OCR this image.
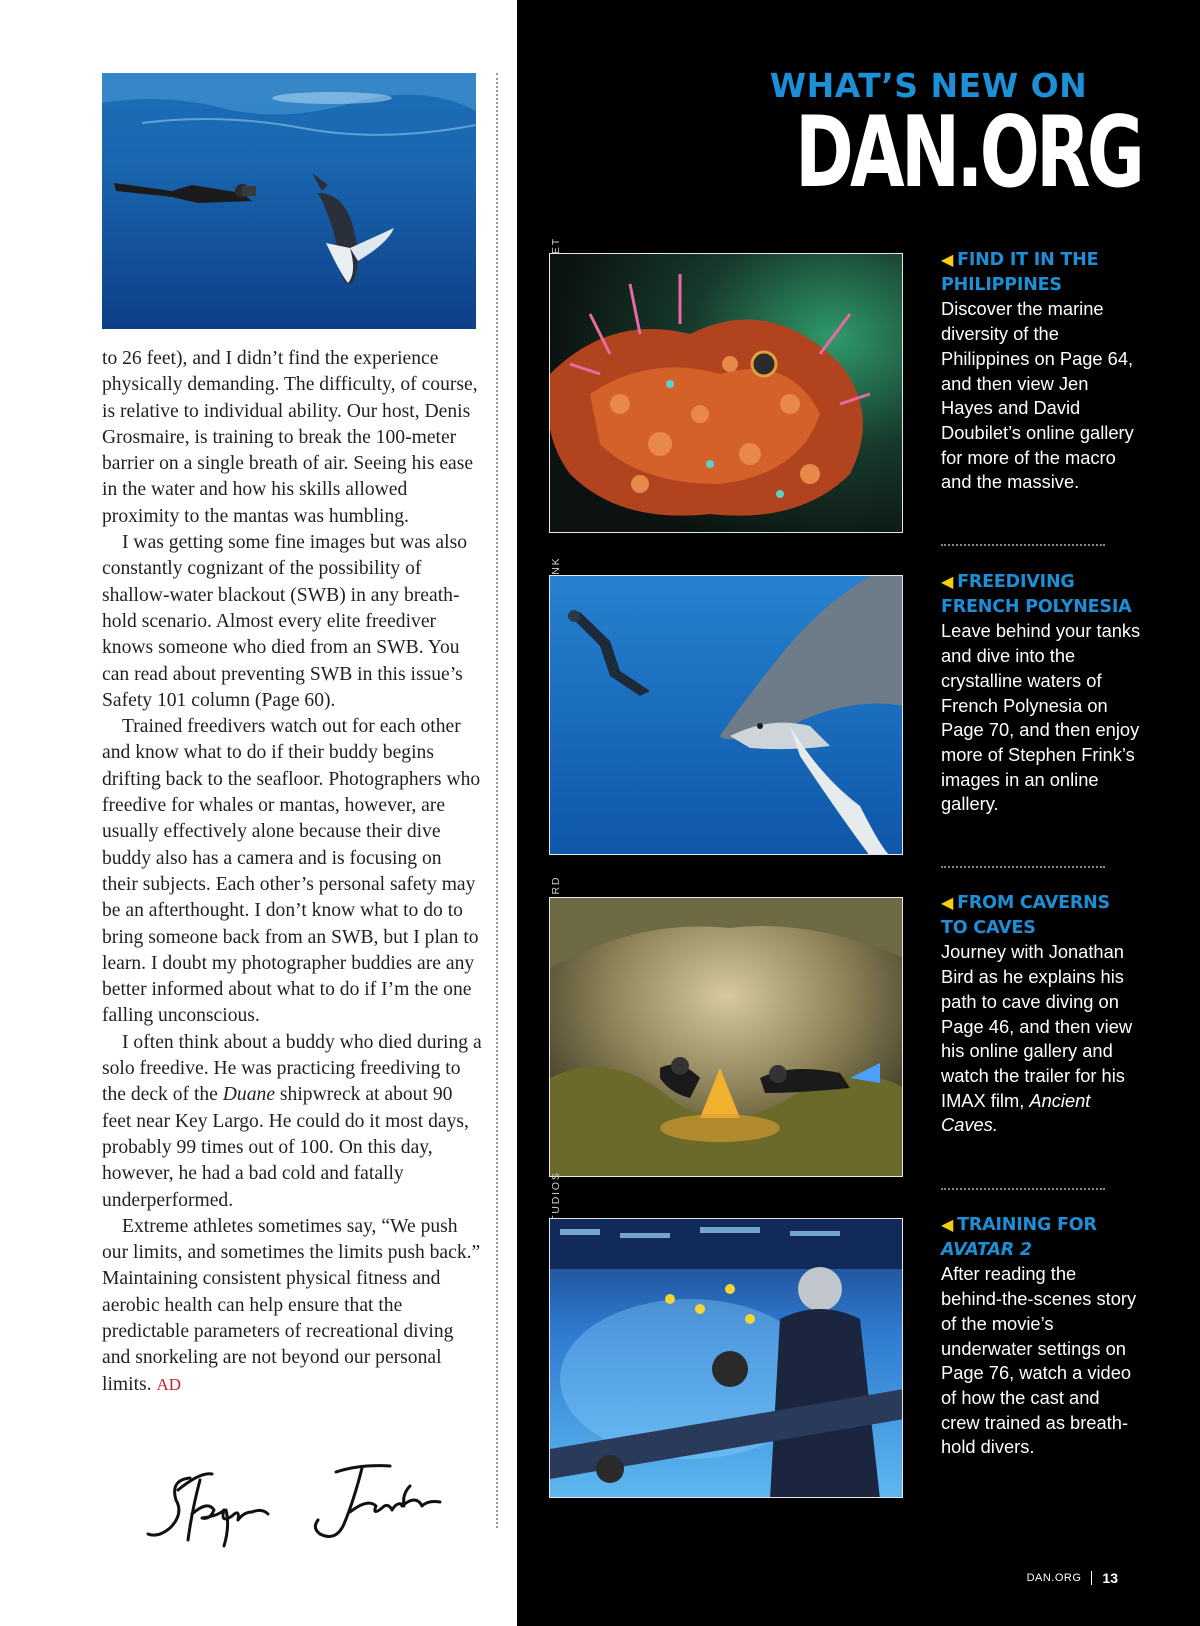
to 26 feet), and I didn’t find the experience physically demanding. The difficulty, of course, is relative to individual ability. Our host, Denis Grosmaire, is training to break the 100-meter barrier on a single breath of air. Seeing his ease in the water and how his skills allowed proximity to the mantas was humbling.

I was getting some fine images but was also constantly cognizant of the possibility of shallow-water blackout (SWB) in any breath-hold scenario. Almost every elite freediver knows someone who died from an SWB. You can read about preventing SWB in this issue’s Safety 101 column (Page 60).

Trained freedivers watch out for each other and know what to do if their buddy begins drifting back to the seafloor. Photographers who freedive for whales or mantas, however, are usually effectively alone because their dive buddy also has a camera and is focusing on their subjects. Each other’s personal safety may be an afterthought. I don’t know what to do to bring someone back from an SWB, but I plan to learn. I doubt my photographer buddies are any better informed about what to do if I’m the one falling unconscious.

I often think about a buddy who died during a solo freedive. He was practicing freediving to the deck of the Duane shipwreck at about 90 feet near Key Largo. He could do it most days, probably 99 times out of 100. On this day, however, he had a bad cold and fatally underperformed.

Extreme athletes sometimes say, “We push our limits, and sometimes the limits push back.” Maintaining consistent physical fitness and aerobic health can help ensure that the predictable parameters of recreational diving and snorkeling are not beyond our personal limits. AD

WHAT’S NEW ON
DAN.ORG
◀ FIND IT IN THE PHILIPPINES
Discover the marine diversity of the Philippines on Page 64, and then view Jen Hayes and David Doubilet’s online gallery for more of the macro and the massive.
◀ FREEDIVING FRENCH POLYNESIA
Leave behind your tanks and dive into the crystalline waters of French Polynesia on Page 70, and then enjoy more of Stephen Frink’s images in an online gallery.
◀ FROM CAVERNS TO CAVES
Journey with Jonathan Bird as he explains his path to cave diving on Page 46, and then view his online gallery and watch the trailer for his IMAX film, Ancient Caves.
◀ TRAINING FOR AVATAR 2
After reading the behind-the-scenes story of the movie’s underwater settings on Page 76, watch a video of how the cast and crew trained as breath-hold divers.
DAN.ORG 13
